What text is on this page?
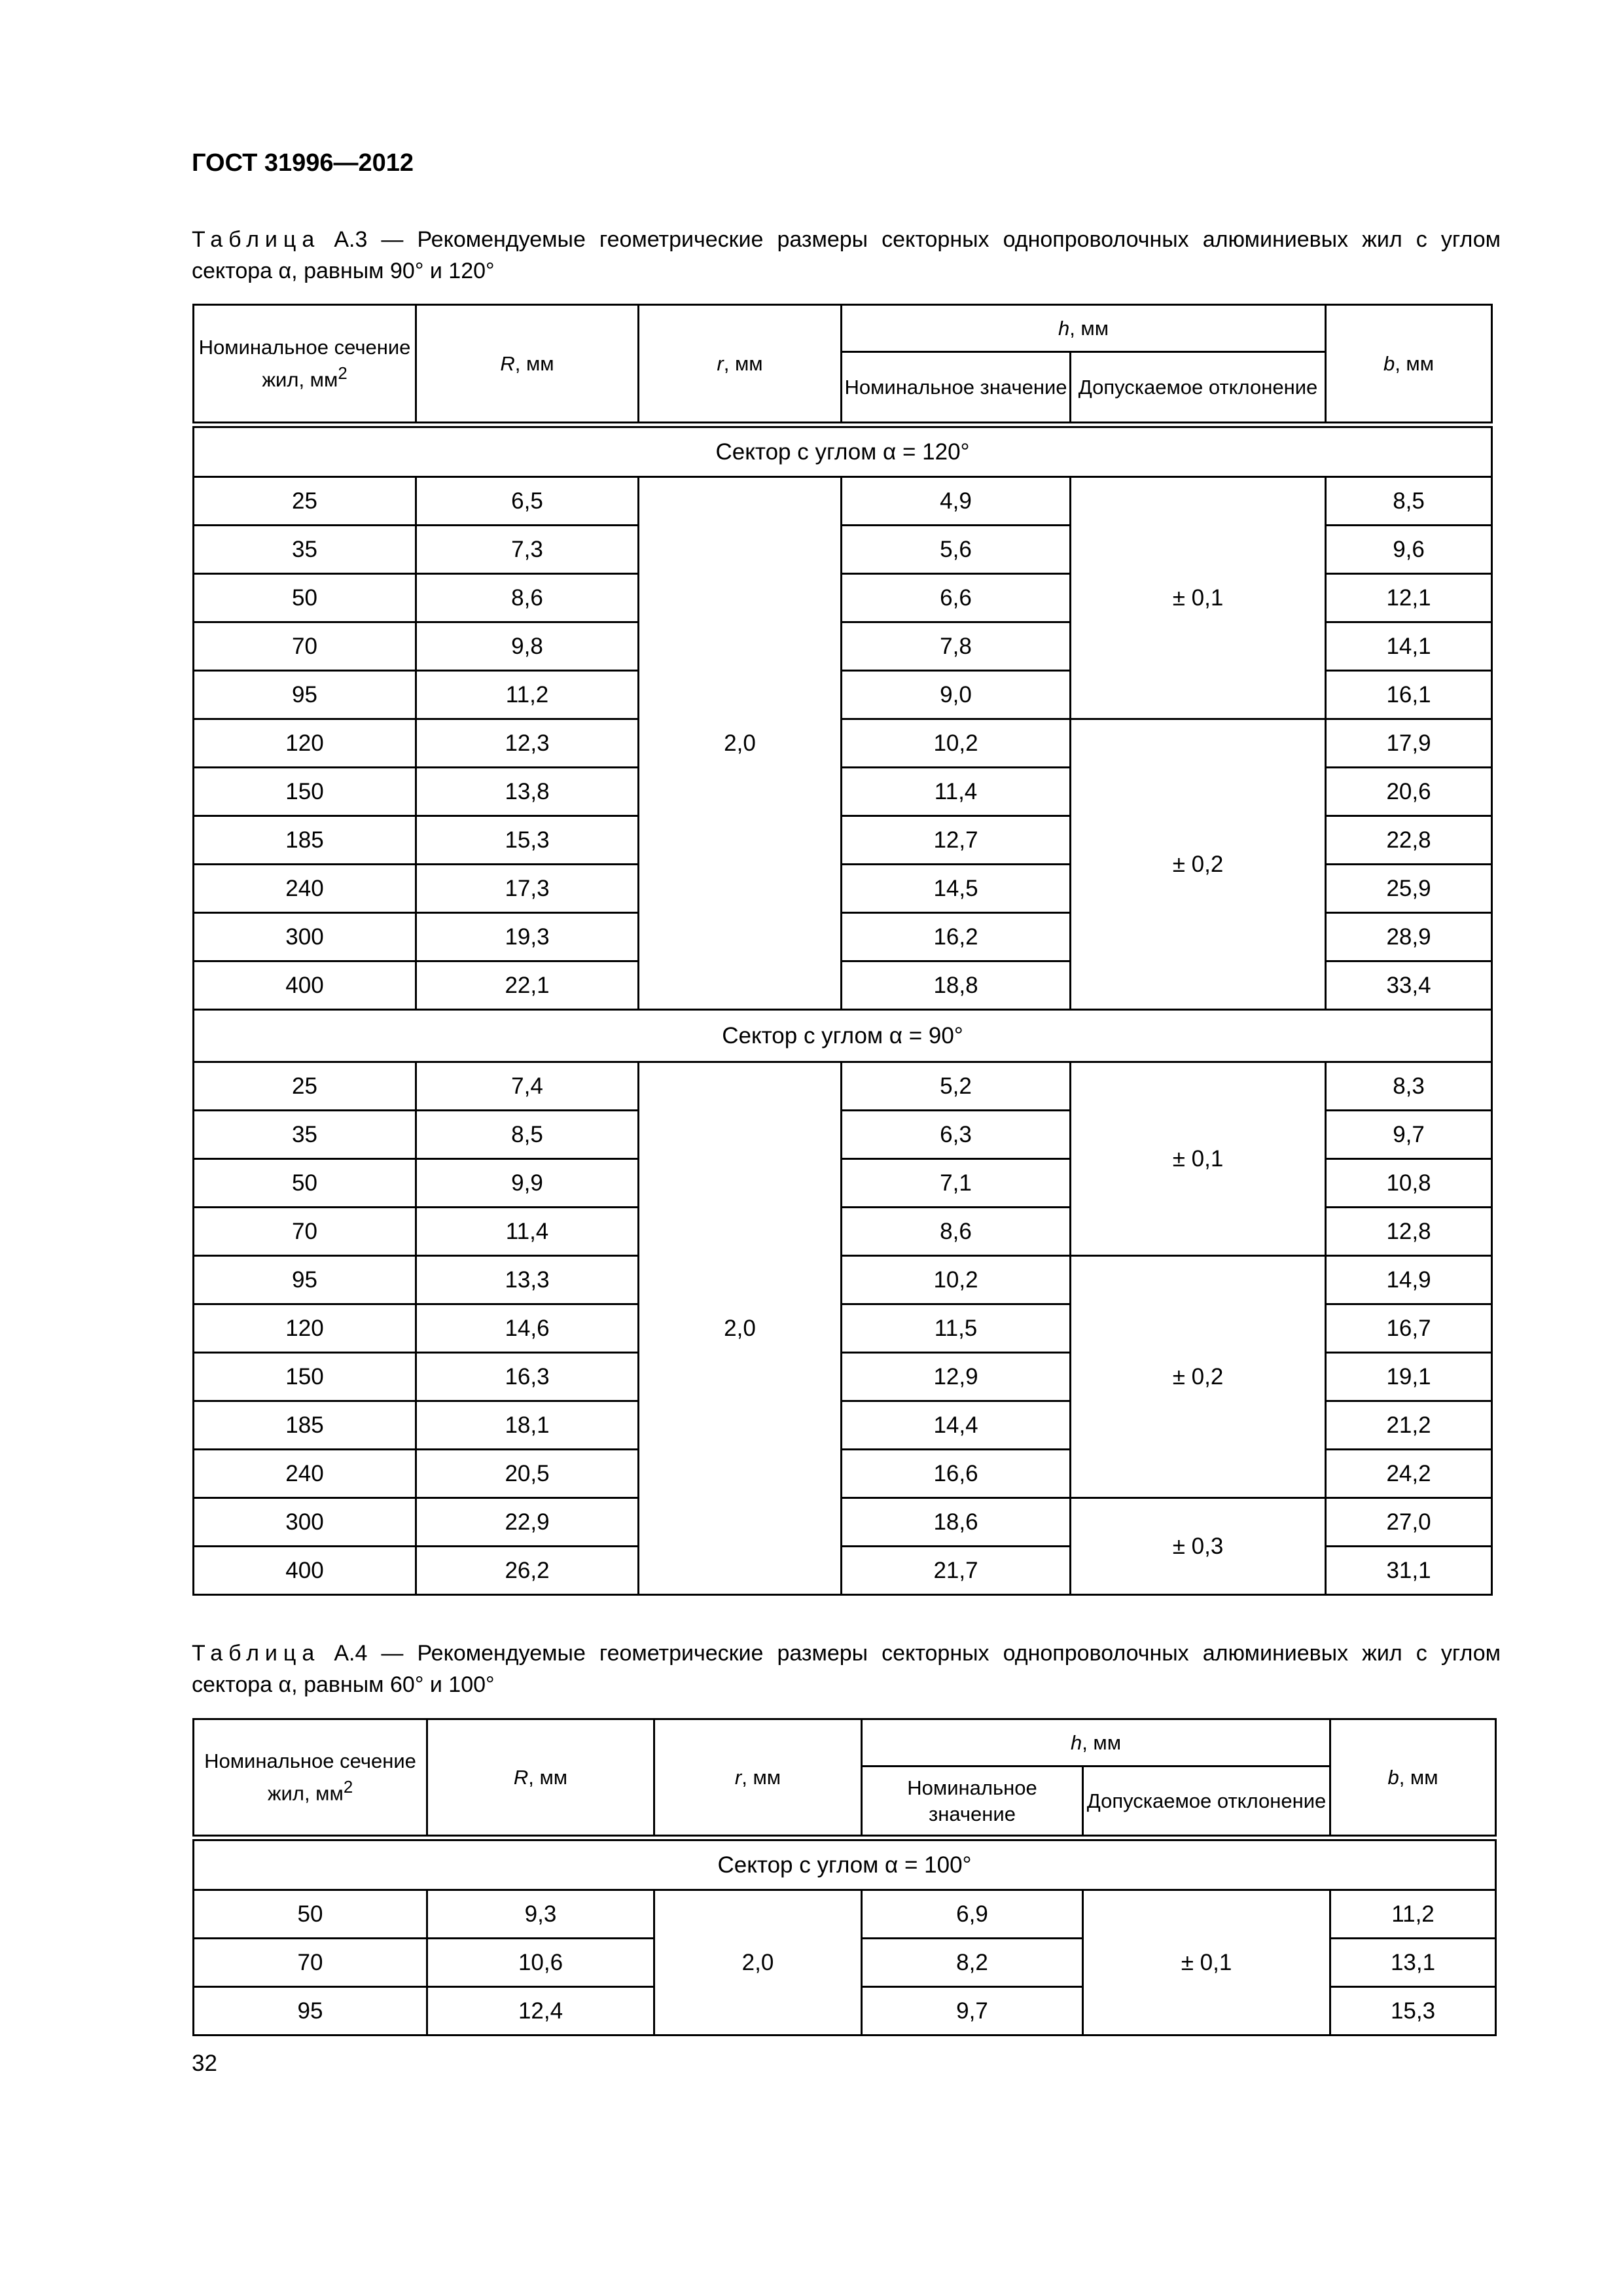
ГОСТ 31996—2012
Таблица А.3 — Рекомендуемые геометрические размеры секторных однопроволочных алюминиевых жил с углом сектора α, равным 90° и 120°
Номинальное сечение жил, $мм^2$	R, мм	r, мм	h, мм		b, мм
			Номинальное значение	Допускаемое отклонение	

Сектор с углом α = 120°					
25	6,5	2,0	4,9	± 0,1	8,5
35	7,3		5,6		9,6
50	8,6		6,6		12,1
70	9,8		7,8		14,1
95	11,2		9,0		16,1
120	12,3		10,2	± 0,2	17,9
150	13,8		11,4		20,6
185	15,3		12,7		22,8
240	17,3		14,5		25,9
300	19,3		16,2		28,9
400	22,1		18,8		33,4
Сектор с углом α = 90°					
25	7,4	2,0	5,2	± 0,1	8,3
35	8,5		6,3		9,7
50	9,9		7,1		10,8
70	11,4		8,6		12,8
95	13,3		10,2	± 0,2	14,9
120	14,6		11,5		16,7
150	16,3		12,9		19,1
185	18,1		14,4		21,2
240	20,5		16,6		24,2
300	22,9		18,6	± 0,3	27,0
400	26,2		21,7		31,1
Таблица А.4 — Рекомендуемые геометрические размеры секторных однопроволочных алюминиевых жил с углом сектора α, равным 60° и 100°
Номинальное сечение жил, $мм^2$	R, мм	r, мм	h, мм		b, мм
			Номинальное значение	Допускаемое отклонение	

Сектор с углом α = 100°					
50	9,3	2,0	6,9	± 0,1	11,2
70	10,6		8,2		13,1
95	12,4		9,7		15,3
32
